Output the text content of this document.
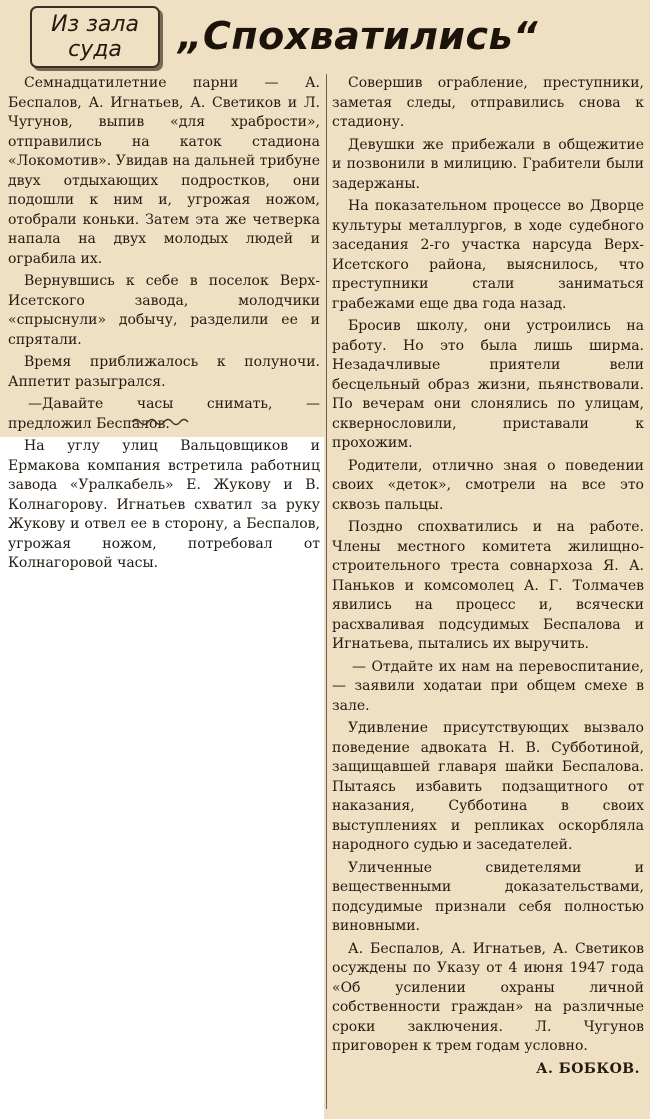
Из зала
суда „Спохватились“

Семнадцатилетние парни — А. Беспалов, А. Игнатьев, А. Светиков и Л. Чугунов, выпив «для храбрости», отправились на каток стадиона «Локомотив». Увидав на дальней трибуне двух отдыхающих подростков, они подошли к ним и, угрожая ножом, отобрали коньки. Затем эта же четверка напала на двух молодых людей и ограбила их.

Вернувшись к себе в поселок Верх-Исетского завода, молодчики «спрыснули» добычу, разделили ее и спрятали.

Время приближалось к полуночи. Аппетит разыгрался.

—Давайте часы снимать, — предложил Беспалов.

На углу улиц Вальцовщиков и Ермакова компания встретила работниц завода «Уралкабель» Е. Жукову и В. Колнагорову. Игнатьев схватил за руку Жукову и отвел ее в сторону, а Беспалов, угрожая ножом, потребовал от Колнагоровой часы.

Совершив ограбление, преступники, заметая следы, отправились снова к стадиону.

Девушки же прибежали в общежитие и позвонили в милицию. Грабители были задержаны.

На показательном процессе во Дворце культуры металлургов, в ходе судебного заседания 2-го участка нарсуда Верх-Исетского района, выяснилось, что преступники стали заниматься грабежами еще два года назад.

Бросив школу, они устроились на работу. Но это была лишь ширма. Незадачливые приятели вели бесцельный образ жизни, пьянствовали. По вечерам они слонялись по улицам, сквернословили, приставали к прохожим.

Родители, отлично зная о поведении своих «деток», смотрели на все это сквозь пальцы.

Поздно спохватились и на работе. Члены местного комитета жилищно-строительного треста совнархоза Я. А. Паньков и комсомолец А. Г. Толмачев явились на процесс и, всячески расхваливая подсудимых Беспалова и Игнатьева, пытались их выручить.

— Отдайте их нам на перевоспитание, — заявили ходатаи при общем смехе в зале.

Удивление присутствующих вызвало поведение адвоката Н. В. Субботиной, защищавшей главаря шайки Беспалова. Пытаясь избавить подзащитного от наказания, Субботина в своих выступлениях и репликах оскорбляла народного судью и заседателей.

Уличенные свидетелями и вещественными доказательствами, подсудимые признали себя полностью виновными.

А. Беспалов, А. Игнатьев, А. Светиков осуждены по Указу от 4 июня 1947 года «Об усилении охраны личной собственности граждан» на различные сроки заключения. Л. Чугунов приговорен к трем годам условно.

А. БОБКОВ.
